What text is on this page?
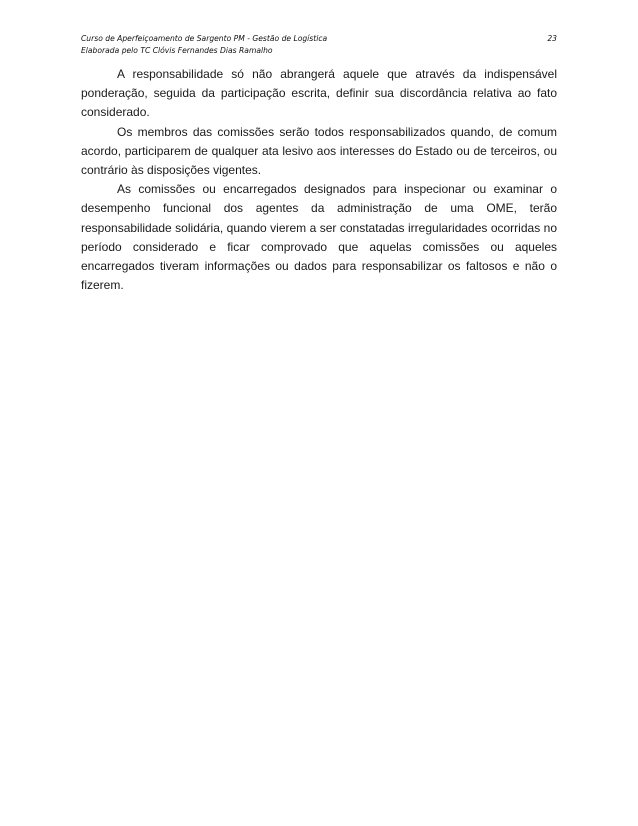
Curso de Aperfeiçoamento de Sargento PM - Gestão de Logística	23
Elaborada pelo TC Clóvis Fernandes Dias Ramalho

A responsabilidade só não abrangerá aquele que através da indispensável ponderação, seguida da participação escrita, definir sua discordância relativa ao fato considerado.

Os membros das comissões serão todos responsabilizados quando, de comum acordo, participarem de qualquer ata lesivo aos interesses do Estado ou de terceiros, ou contrário às disposições vigentes.

As comissões ou encarregados designados para inspecionar ou examinar o desempenho funcional dos agentes da administração de uma OME, terão responsabilidade solidária, quando vierem a ser constatadas irregularidades ocorridas no período considerado e ficar comprovado que aquelas comissões ou aqueles encarregados tiveram informações ou dados para responsabilizar os faltosos e não o fizerem.
